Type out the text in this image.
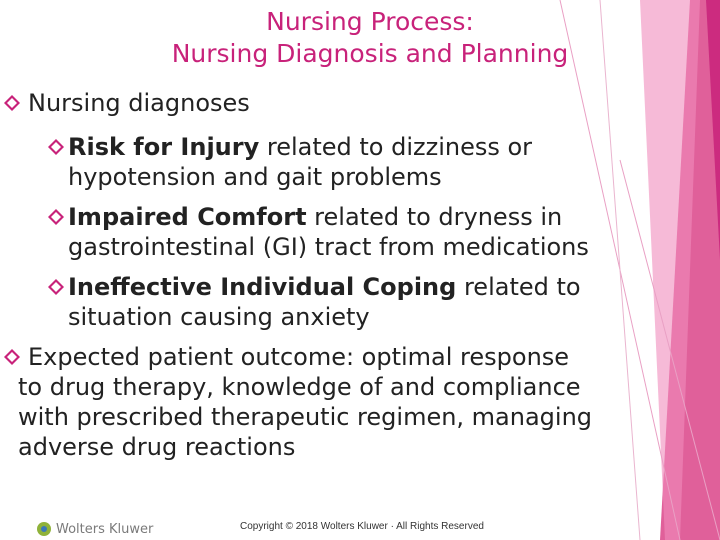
Nursing Process:
Nursing Diagnosis and Planning
Nursing diagnoses
Risk for Injury related to dizziness or hypotension and gait problems
Impaired Comfort related to dryness in gastrointestinal (GI) tract from medications
Ineffective Individual Coping related to situation causing anxiety
Expected patient outcome: optimal response to drug therapy, knowledge of and compliance with prescribed therapeutic regimen, managing adverse drug reactions
Wolters Kluwer	Copyright © 2018 Wolters Kluwer · All Rights Reserved
